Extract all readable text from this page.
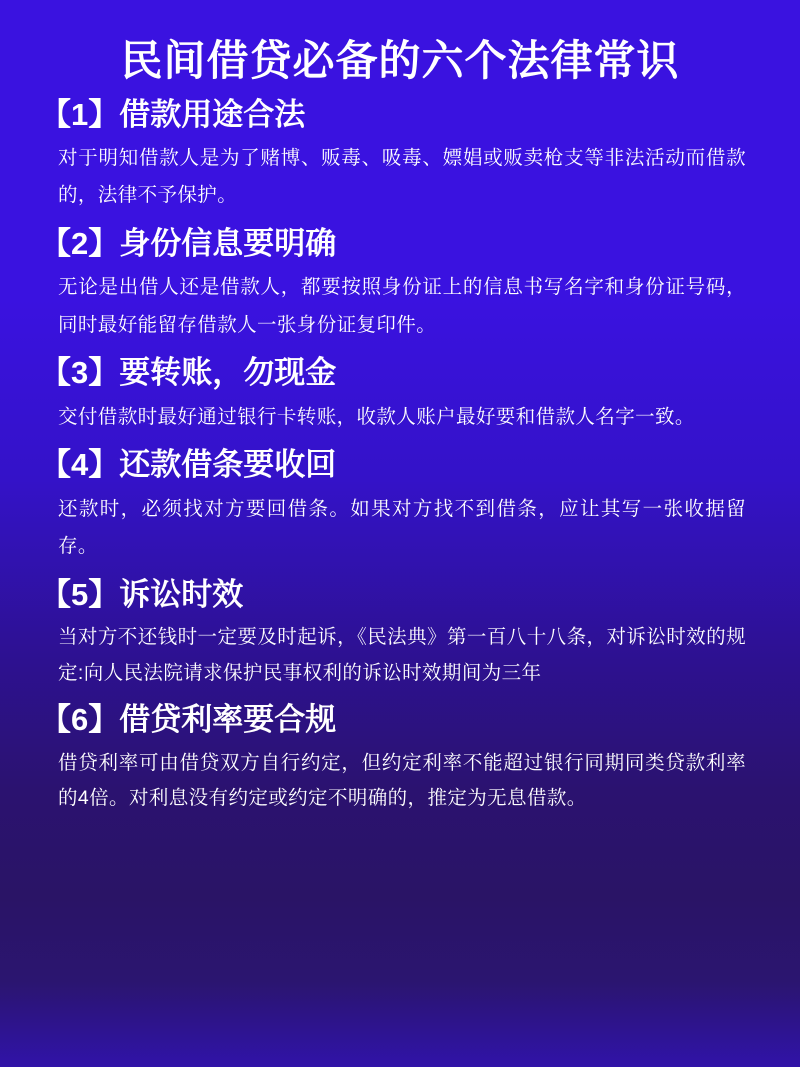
民间借贷必备的六个法律常识
【1】借款用途合法

对于明知借款人是为了赌博、贩毒、吸毒、嫖娼或贩卖枪支等非法活动而借款的，法律不予保护。

【2】身份信息要明确

无论是出借人还是借款人，都要按照身份证上的信息书写名字和身份证号码，同时最好能留存借款人一张身份证复印件。

【3】要转账，勿现金

交付借款时最好通过银行卡转账，收款人账户最好要和借款人名字一致。

【4】还款借条要收回

还款时，必须找对方要回借条。如果对方找不到借条，应让其写一张收据留存。

【5】诉讼时效

当对方不还钱时一定要及时起诉，《民法典》第一百八十八条，对诉讼时效的规定:向人民法院请求保护民事权利的诉讼时效期间为三年

【6】借贷利率要合规

借贷利率可由借贷双方自行约定，但约定利率不能超过银行同期同类贷款利率的4倍。对利息没有约定或约定不明确的，推定为无息借款。
